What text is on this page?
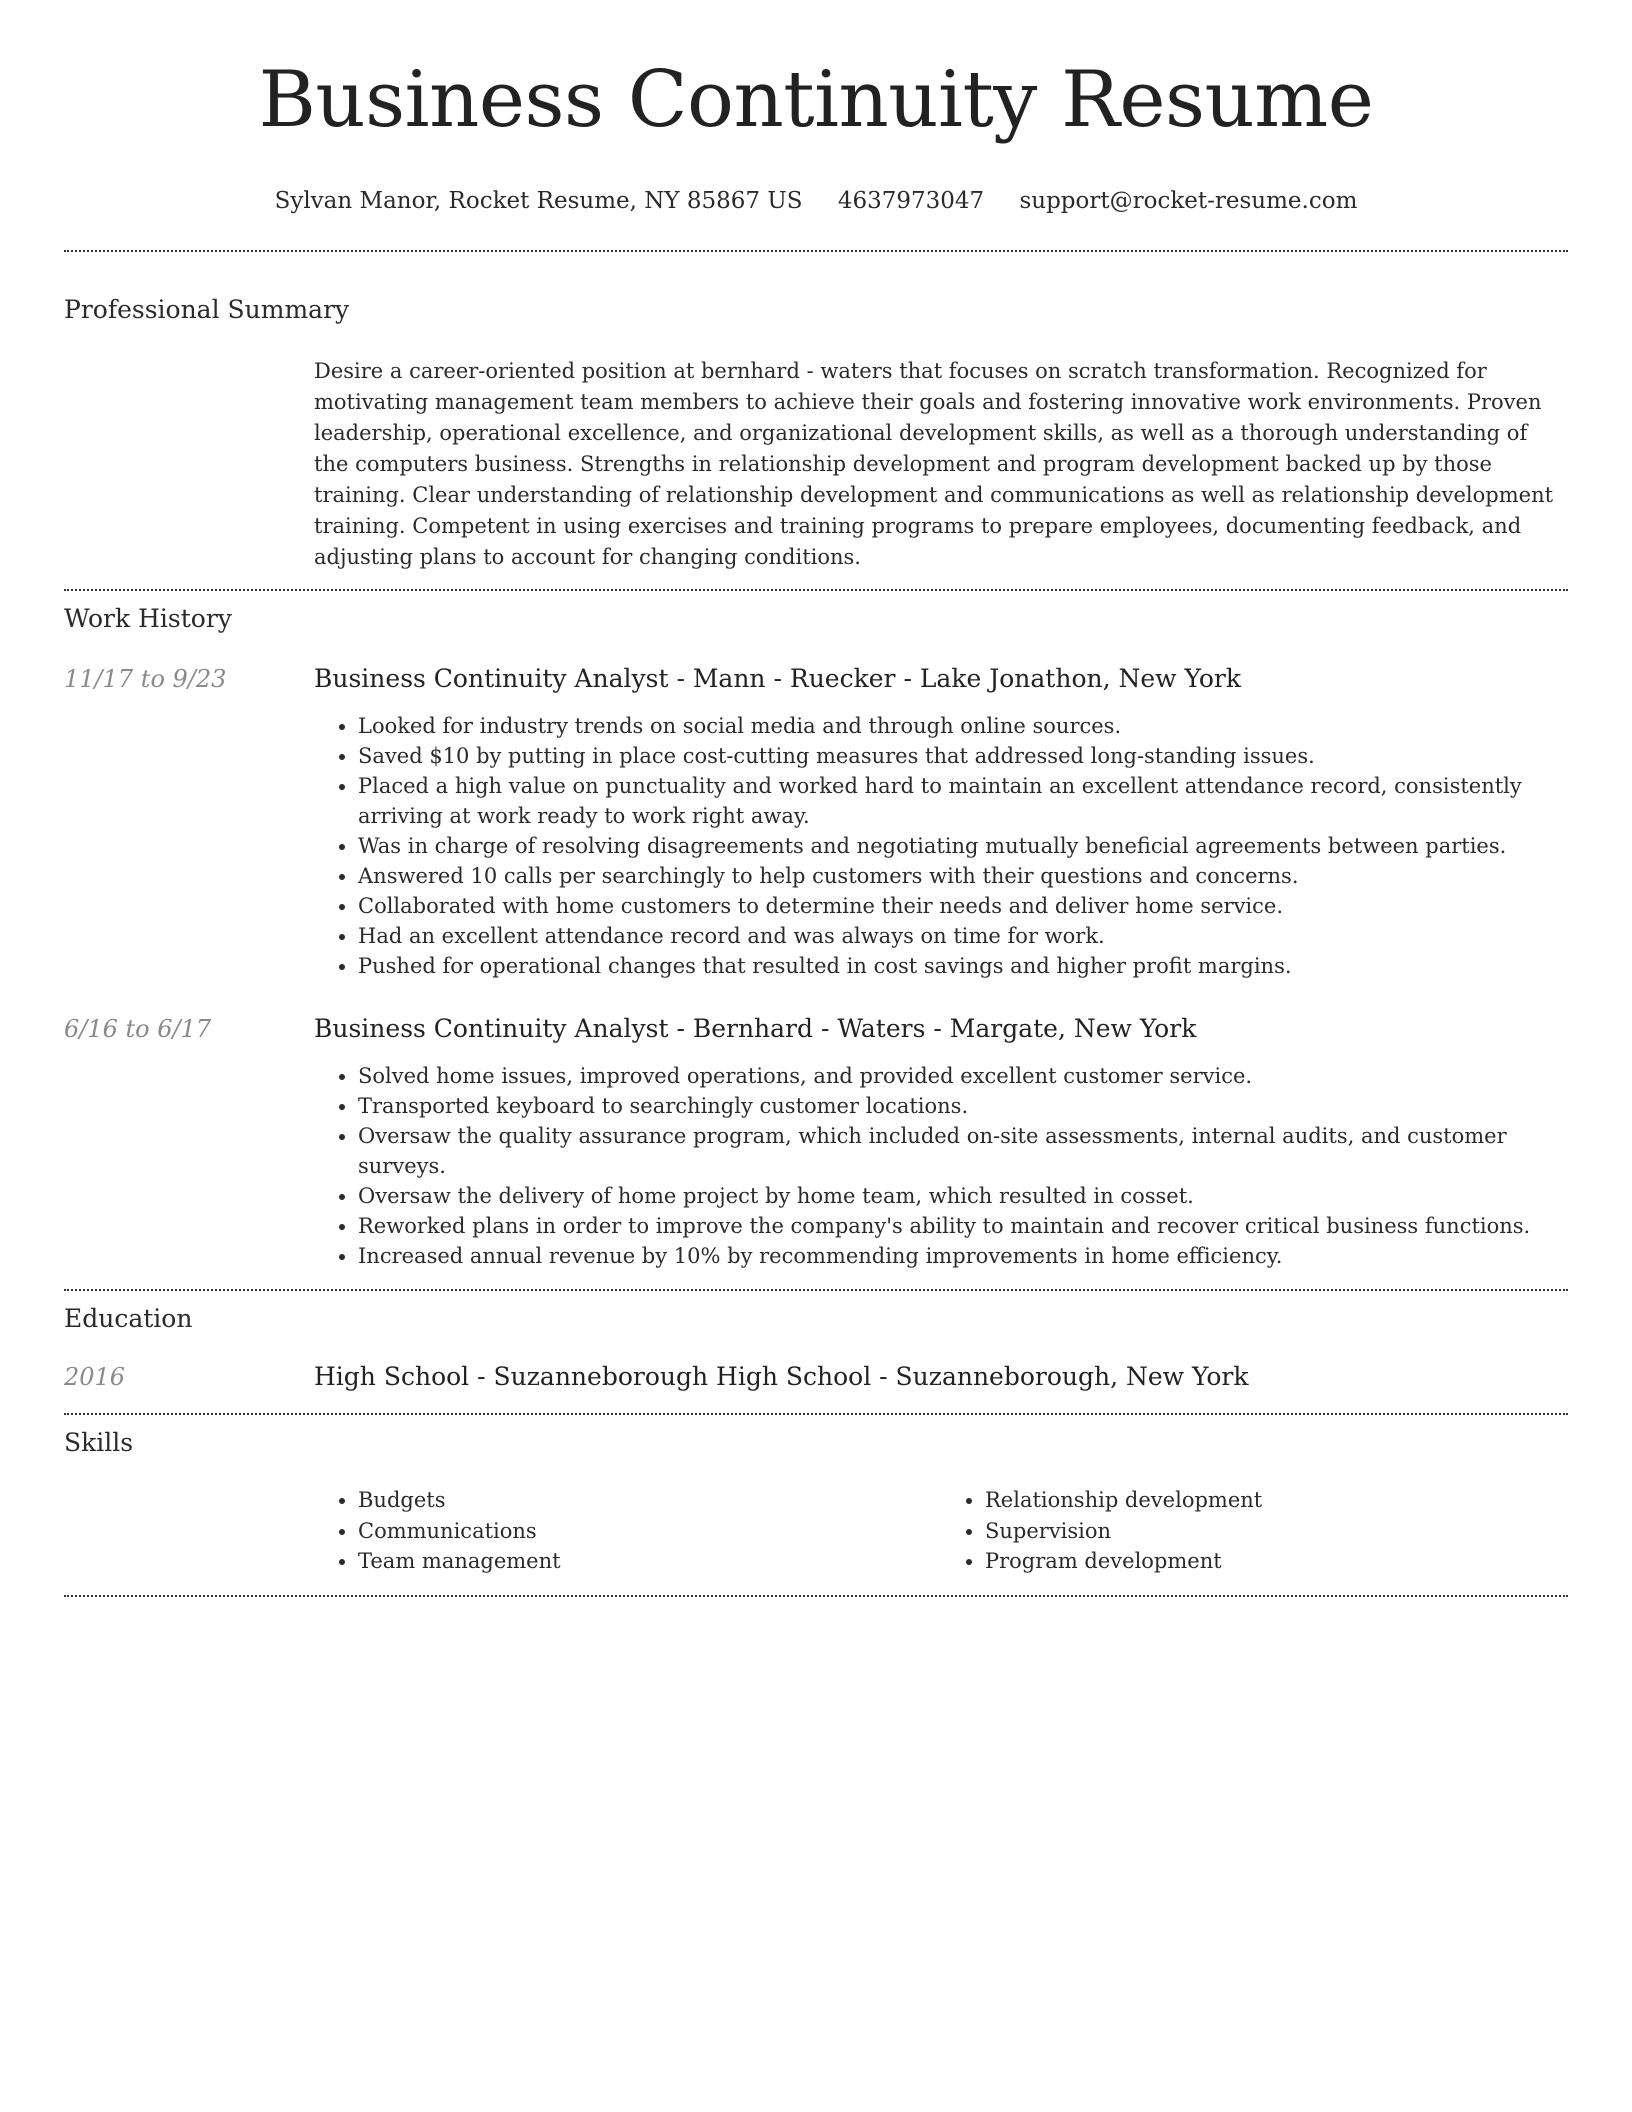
Business Continuity Resume
Sylvan Manor, Rocket Resume, NY 85867 US 4637973047 support@rocket-resume.com
Professional Summary
Desire a career-oriented position at bernhard - waters that focuses on scratch transformation. Recognized for motivating management team members to achieve their goals and fostering innovative work environments. Proven leadership, operational excellence, and organizational development skills, as well as a thorough understanding of the computers business. Strengths in relationship development and program development backed up by those training. Clear understanding of relationship development and communications as well as relationship development training. Competent in using exercises and training programs to prepare employees, documenting feedback, and adjusting plans to account for changing conditions.
Work History
11/17 to 9/23	Business Continuity Analyst - Mann - Ruecker - Lake Jonathon, New York
• Looked for industry trends on social media and through online sources.
• Saved $10 by putting in place cost-cutting measures that addressed long-standing issues.
• Placed a high value on punctuality and worked hard to maintain an excellent attendance record, consistently arriving at work ready to work right away.
• Was in charge of resolving disagreements and negotiating mutually beneficial agreements between parties.
• Answered 10 calls per searchingly to help customers with their questions and concerns.
• Collaborated with home customers to determine their needs and deliver home service.
• Had an excellent attendance record and was always on time for work.
• Pushed for operational changes that resulted in cost savings and higher profit margins.
6/16 to 6/17	Business Continuity Analyst - Bernhard - Waters - Margate, New York
• Solved home issues, improved operations, and provided excellent customer service.
• Transported keyboard to searchingly customer locations.
• Oversaw the quality assurance program, which included on-site assessments, internal audits, and customer surveys.
• Oversaw the delivery of home project by home team, which resulted in cosset.
• Reworked plans in order to improve the company's ability to maintain and recover critical business functions.
• Increased annual revenue by 10% by recommending improvements in home efficiency.
Education
2016	High School - Suzanneborough High School - Suzanneborough, New York
Skills
• Budgets
• Communications
• Team management
• Relationship development
• Supervision
• Program development
